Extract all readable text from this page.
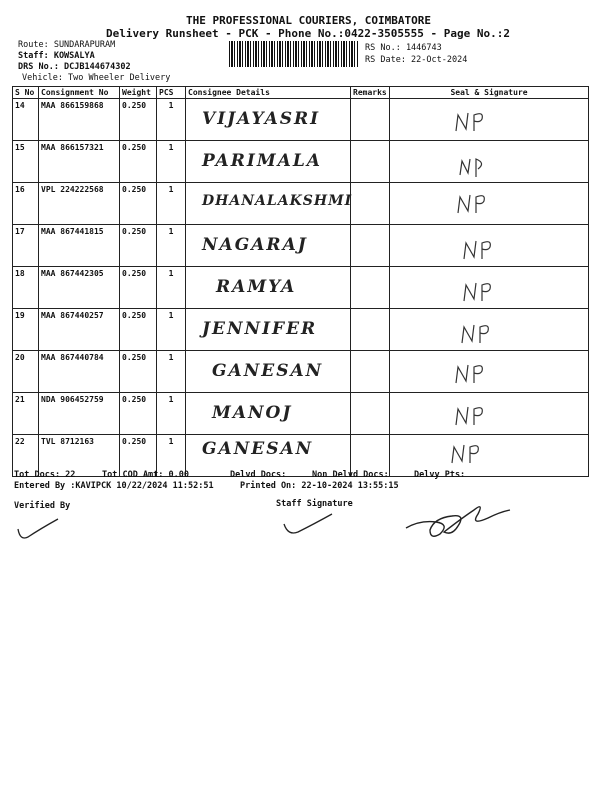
THE PROFESSIONAL COURIERS, COIMBATORE
Delivery Runsheet - PCK - Phone No.:0422-3505555 - Page No.:2
Route: SUNDARAPURAM
Staff: KOWSALYA
DRS No.: DCJB144674302
Vehicle: Two Wheeler Delivery
RS No.: 1446743
RS Date: 22-Oct-2024
S No	Consignment No	Weight	PCS	Consignee Details	Remarks	Seal & Signature
14	MAA 866159868	0.250	1	VIJAYASRI

15	MAA 866157321	0.250	1	PARIMALA

16	VPL 224222568	0.250	1	DHANALAKSHMI

17	MAA 867441815	0.250	1	NAGARAJ

18	MAA 867442305	0.250	1	RAMYA

19	MAA 867440257	0.250	1	JENNIFER

20	MAA 867440784	0.250	1	GANESAN

21	NDA 906452759	0.250	1	MANOJ

22	TVL 8712163	0.250	1	GANESAN

Tot Docs: 22	Tot COD Amt: 0.00	Delvd Docs:	Non Delvd Docs:	Delvy Pts:
Entered By :KAVIPCK 10/22/2024 11:52:51	Printed On: 22-10-2024 13:55:15
Verified By	Staff Signature
